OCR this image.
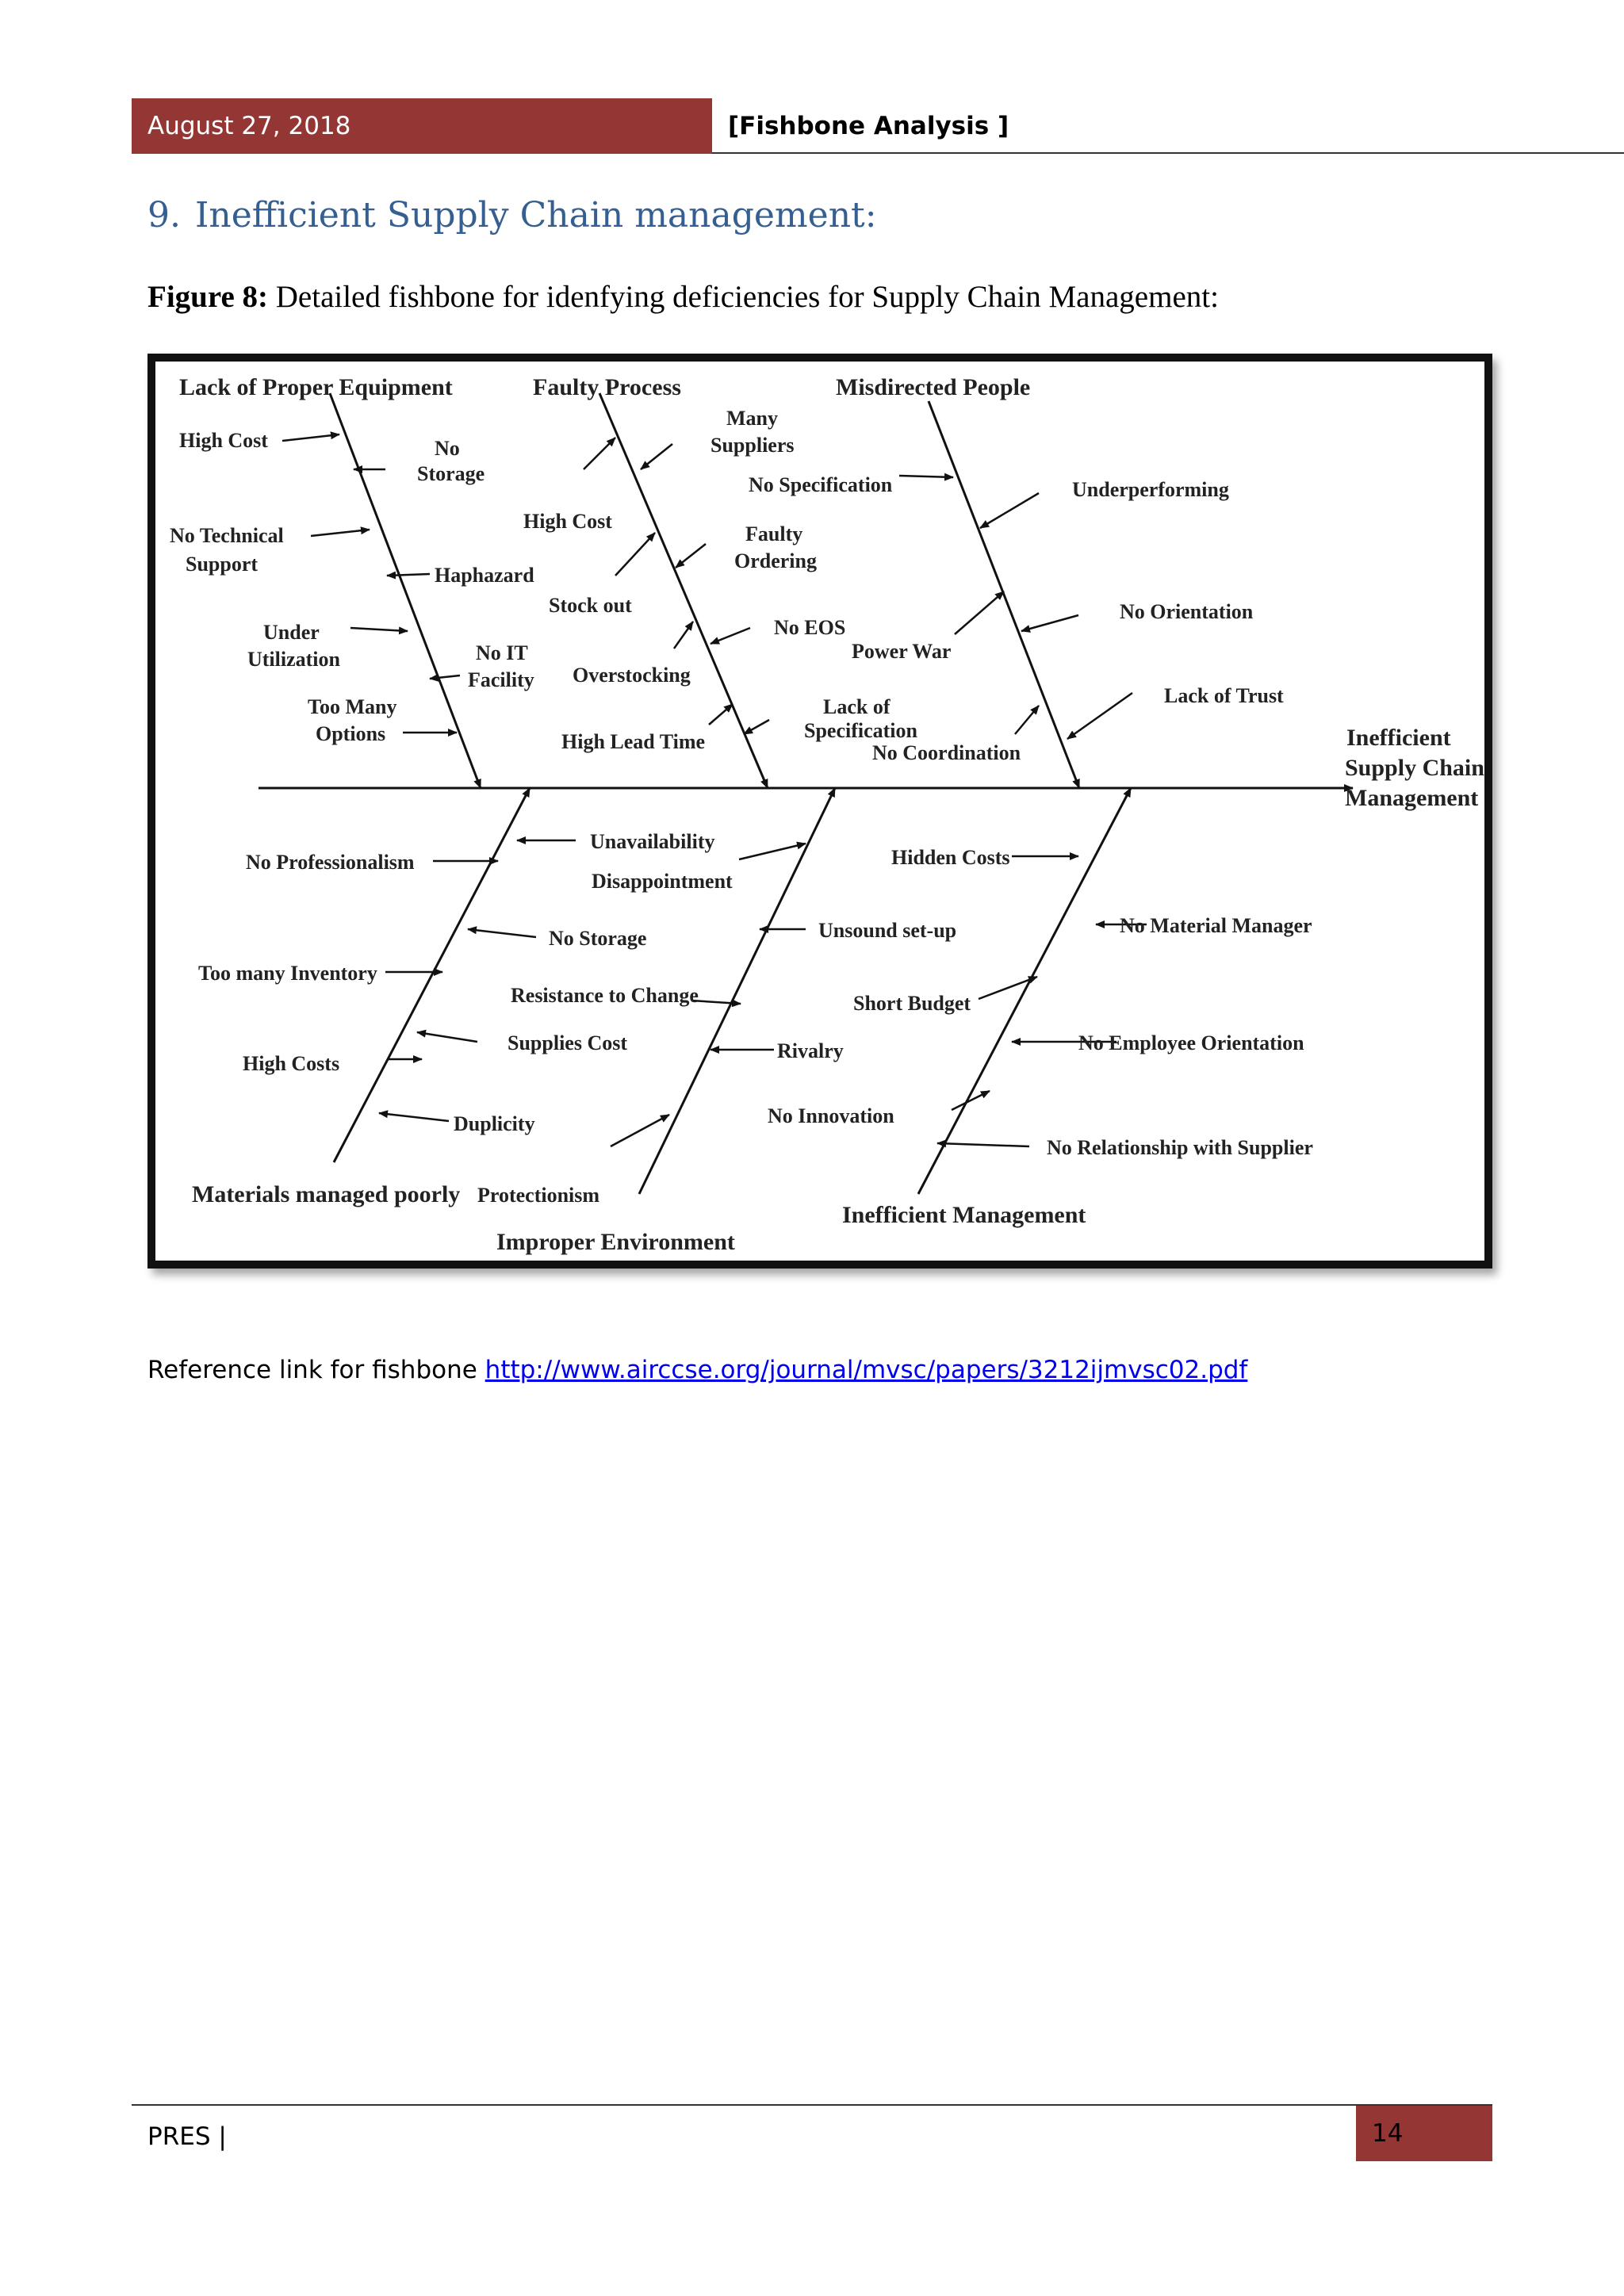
August 27, 2018	[Fishbone Analysis ]
9. Inefficient Supply Chain management:
Figure 8: Detailed fishbone for idenfying deficiencies for Supply Chain Management:
Inefficient
Supply Chain
Management
Lack of Proper Equipment	Faulty Process	Misdirected People
Materials managed poorly
Improper Environment
Inefficient Management
High Cost	No
Storage
No Technical
Support	Haphazard
Under
Utilization	No IT
Facility
Too Many
Options
Many
Suppliers
No Specification
High Cost
Faulty
Ordering
Stock out
No EOS
Overstocking
Lack of
Specification
High Lead Time
Underperforming
No Orientation
Power War
Lack of Trust
No Coordination
No Professionalism
Unavailability
Disappointment
No Storage
Too many Inventory
Resistance to Change
Supplies Cost
High Costs
Duplicity
Protectionism
Unsound set-up
Rivalry
No Innovation
Hidden Costs
No Material Manager
Short Budget
No Employee Orientation
No Relationship with Supplier
Reference link for fishbone http://www.airccse.org/journal/mvsc/papers/3212ijmvsc02.pdf
PRES |	14
